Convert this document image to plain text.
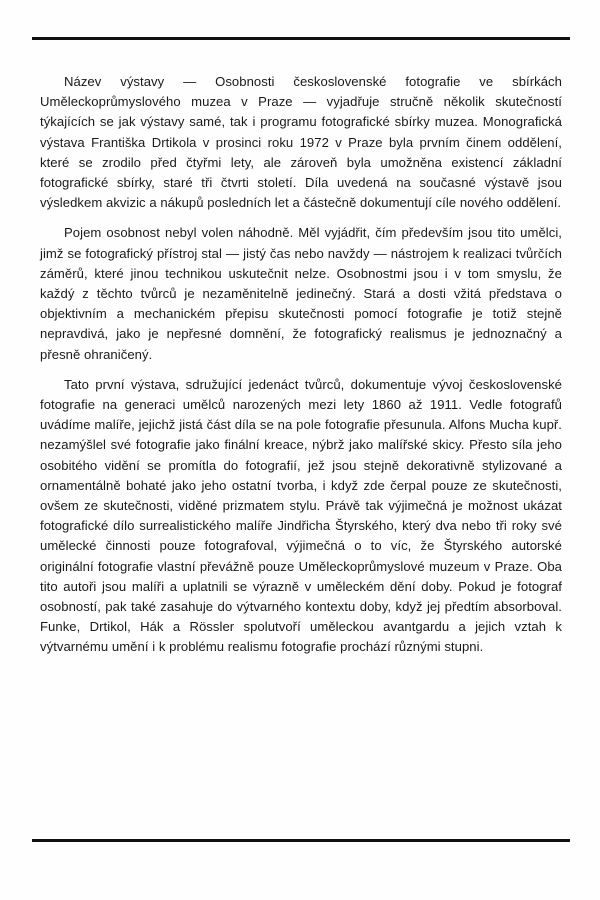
Název výstavy — Osobnosti československé fotografie ve sbírkách Uměleckoprůmyslového muzea v Praze — vyjadřuje stručně několik skutečností týkajících se jak výstavy samé, tak i programu fotografické sbírky muzea. Monografická výstava Františka Drtikola v prosinci roku 1972 v Praze byla prvním činem oddělení, které se zrodilo před čtyřmi lety, ale zároveň byla umožněna existencí základní fotografické sbírky, staré tři čtvrti století. Díla uvedená na současné výstavě jsou výsledkem akvizic a nákupů posledních let a částečně dokumentují cíle nového oddělení.

Pojem osobnost nebyl volen náhodně. Měl vyjádřit, čím především jsou tito umělci, jimž se fotografický přístroj stal — jistý čas nebo navždy — nástrojem k realizaci tvůrčích záměrů, které jinou technikou uskutečnit nelze. Osobnostmi jsou i v tom smyslu, že každý z těchto tvůrců je nezaměnitelně jedinečný. Stará a dosti vžitá představa o objektivním a mechanickém přepisu skutečnosti pomocí fotografie je totiž stejně nepravdivá, jako je nepřesné domnění, že fotografický realismus je jednoznačný a přesně ohraničený.

Tato první výstava, sdružující jedenáct tvůrců, dokumentuje vývoj československé fotografie na generaci umělců narozených mezi lety 1860 až 1911. Vedle fotografů uvádíme malíře, jejichž jistá část díla se na pole fotografie přesunula. Alfons Mucha kupř. nezamýšlel své fotografie jako finální kreace, nýbrž jako malířské skicy. Přesto síla jeho osobitého vidění se promítla do fotografií, jež jsou stejně dekorativně stylizované a ornamentálně bohaté jako jeho ostatní tvorba, i když zde čerpal pouze ze skutečnosti, ovšem ze skutečnosti, viděné prizmatem stylu. Právě tak výjimečná je možnost ukázat fotografické dílo surrealistického malíře Jindřicha Štyrského, který dva nebo tři roky své umělecké činnosti pouze fotografoval, výjimečná o to víc, že Štyrského autorské originální fotografie vlastní převážně pouze Uměleckoprůmyslové muzeum v Praze. Oba tito autoři jsou malíři a uplatnili se výrazně v uměleckém dění doby. Pokud je fotograf osobností, pak také zasahuje do výtvarného kontextu doby, když jej předtím absorboval. Funke, Drtikol, Hák a Rössler spolutvoří uměleckou avantgardu a jejich vztah k výtvarnému umění i k problému realismu fotografie prochází různými stupni.
